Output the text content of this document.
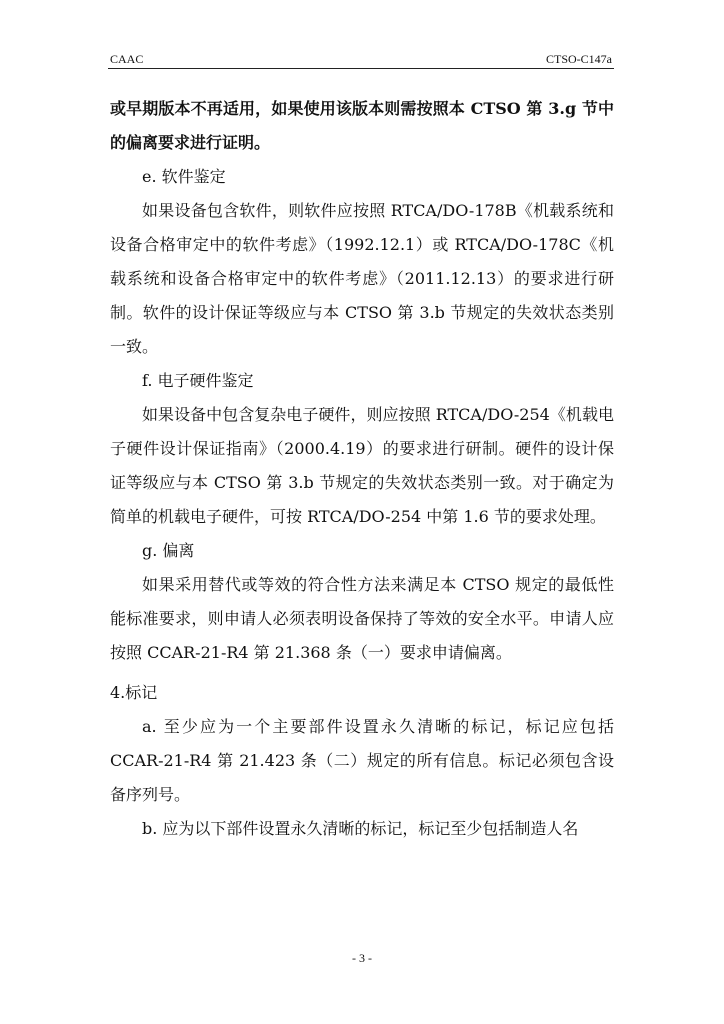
CAAC	CTSO-C147a

或早期版本不再适用，如果使用该版本则需按照本 CTSO 第 3.g 节中的偏离要求进行证明。

e. 软件鉴定

如果设备包含软件，则软件应按照 RTCA/DO-178B《机载系统和设备合格审定中的软件考虑》（1992.12.1）或 RTCA/DO-178C《机载系统和设备合格审定中的软件考虑》（2011.12.13）的要求进行研制。软件的设计保证等级应与本 CTSO 第 3.b 节规定的失效状态类别一致。

f. 电子硬件鉴定

如果设备中包含复杂电子硬件，则应按照 RTCA/DO-254《机载电子硬件设计保证指南》（2000.4.19）的要求进行研制。硬件的设计保证等级应与本 CTSO 第 3.b 节规定的失效状态类别一致。对于确定为简单的机载电子硬件，可按 RTCA/DO-254 中第 1.6 节的要求处理。

g. 偏离

如果采用替代或等效的符合性方法来满足本 CTSO 规定的最低性能标准要求，则申请人必须表明设备保持了等效的安全水平。申请人应按照 CCAR-21-R4 第 21.368 条（一）要求申请偏离。

4.标记

a. 至少应为一个主要部件设置永久清晰的标记，标记应包括 CCAR-21-R4 第 21.423 条（二）规定的所有信息。标记必须包含设备序列号。

b. 应为以下部件设置永久清晰的标记，标记至少包括制造人名

- 3 -
